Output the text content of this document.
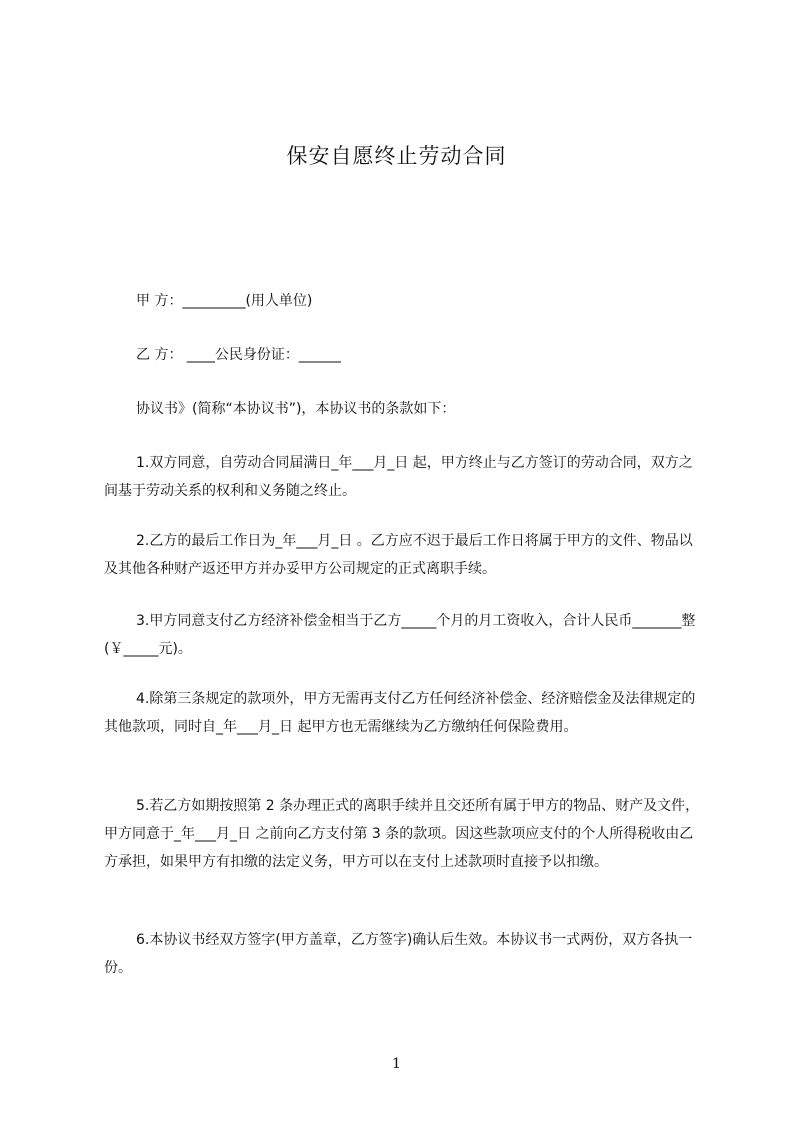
保安自愿终止劳动合同
甲 方：_________(用人单位)
乙 方： ____公民身份证：______
协议书》(简称“本协议书”)，本协议书的条款如下：
1.双方同意，自劳动合同届满日_年___月_日 起，甲方终止与乙方签订的劳动合同，双方之间基于劳动关系的权利和义务随之终止。
2.乙方的最后工作日为_年___月_日 。乙方应不迟于最后工作日将属于甲方的文件、物品以及其他各种财产返还甲方并办妥甲方公司规定的正式离职手续。
3.甲方同意支付乙方经济补偿金相当于乙方_____个月的月工资收入，合计人民币_______整(￥_____元)。
4.除第三条规定的款项外，甲方无需再支付乙方任何经济补偿金、经济赔偿金及法律规定的其他款项，同时自_年___月_日 起甲方也无需继续为乙方缴纳任何保险费用。
5.若乙方如期按照第 2 条办理正式的离职手续并且交还所有属于甲方的物品、财产及文件，甲方同意于_年___月_日 之前向乙方支付第 3 条的款项。因这些款项应支付的个人所得税收由乙方承担，如果甲方有扣缴的法定义务，甲方可以在支付上述款项时直接予以扣缴。
6.本协议书经双方签字(甲方盖章，乙方签字)确认后生效。本协议书一式两份，双方各执一份。
1
